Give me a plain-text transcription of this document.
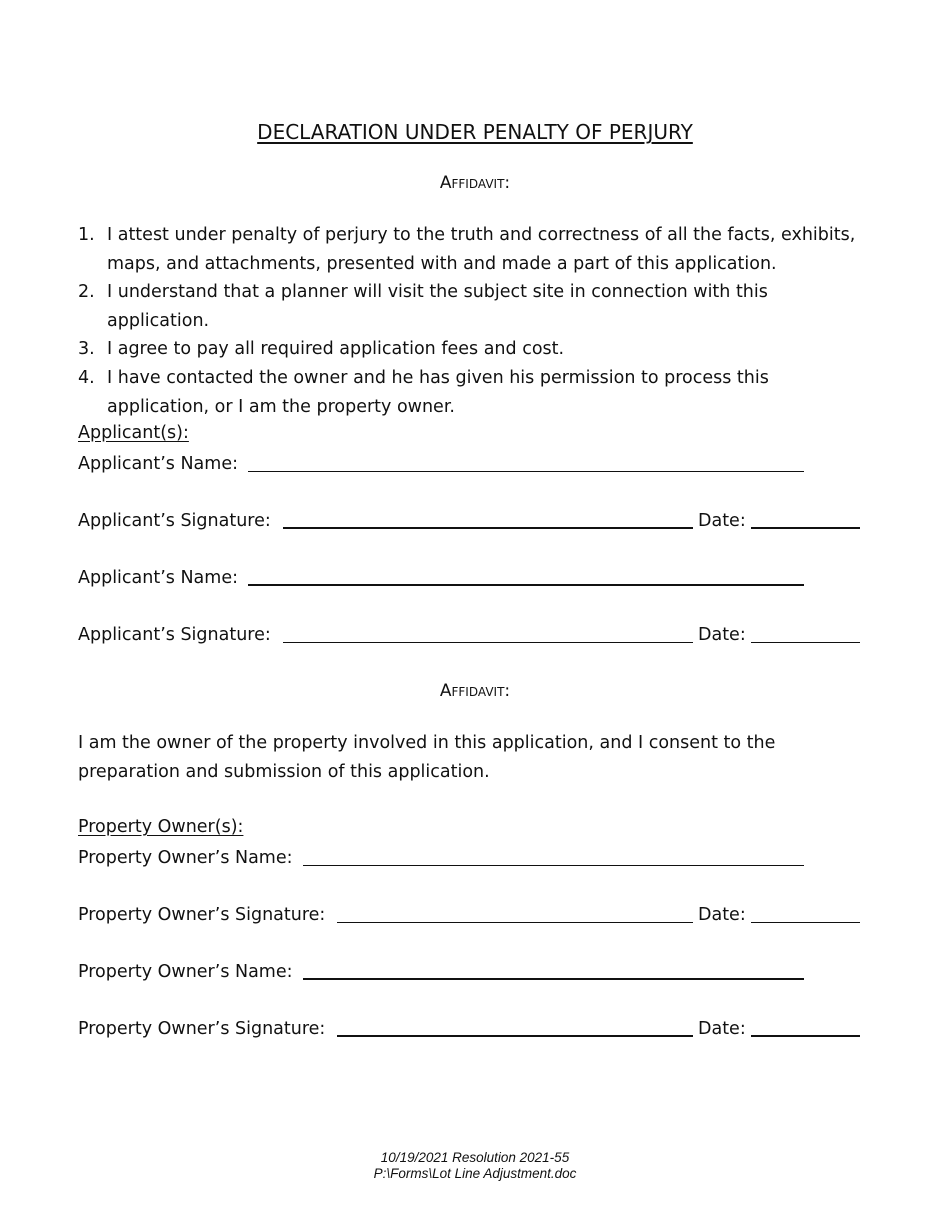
DECLARATION UNDER PENALTY OF PERJURY
Affidavit:
1. I attest under penalty of perjury to the truth and correctness of all the facts, exhibits, maps, and attachments, presented with and made a part of this application.
2. I understand that a planner will visit the subject site in connection with this application.
3. I agree to pay all required application fees and cost.
4. I have contacted the owner and he has given his permission to process this application, or I am the property owner.
Applicant(s):
Applicant’s Name:
Applicant’s Signature:	Date:
Applicant’s Name:
Applicant’s Signature:	Date:
Affidavit:
I am the owner of the property involved in this application, and I consent to the preparation and submission of this application.
Property Owner(s):
Property Owner’s Name:
Property Owner’s Signature:	Date:
Property Owner’s Name:
Property Owner’s Signature:	Date:
10/19/2021 Resolution 2021-55
P:\Forms\Lot Line Adjustment.doc
